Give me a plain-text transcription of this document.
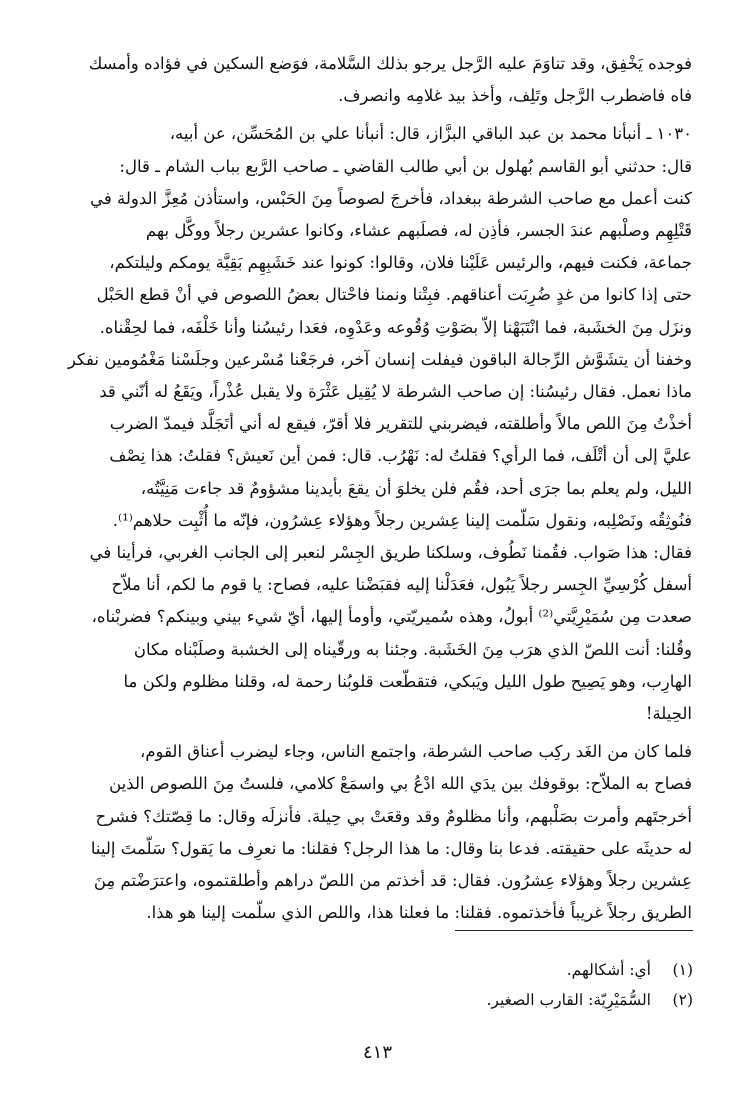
فوجده يَخْفِق، وقد تناوَمَ عليه الرَّجل يرجو بذلك السَّلامة، فوَضع السكين في فؤاده وأمسك
فاه فاضطرب الرَّجل وتَلِف، وأخذ بيد غلامِه وانصرف.
١٠٣٠ ـ أنبأنا محمد بن عبد الباقي البزَّاز، قال: أنبأنا علي بن المُحَسِّن، عن أبيه،
قال: حدثني أبو القاسم بُهلول بن أبي طالب القاضي ـ صاحب الرَّبع بباب الشام ـ قال:
كنت أعمل مع صاحب الشرطة ببغداد، فأخرجَ لصوصاً مِنَ الحَبْس، واستأذن مُعِزَّ الدولة في
قَتْلِهِم وصلْبهم عندَ الجسر، فأذِن له، فصلَبهم عشاء، وكانوا عشرين رجلاً ووكَّل بهم
جماعة، فكنت فيهم، والرئيس عَلَيْنا فلان، وقالوا: كونوا عند خَشَبِهِم بَقِيَّة يومكم وليلتكم،
حتى إذا كانوا من غدٍ ضُرِبَت أعناقهم. فبِتْنا ونمنا فاحْتال بعضُ اللصوص في أنْ قطع الحَبْل
ونزَل مِنَ الخشَبة، فما انْتَبَهْنا إلاّ بصَوْتِ وُقُوعه وعَدْوِه، فعَدا رئيسُنا وأنا خَلْفَه، فما لحِقْناه.
وخفنا أن يتشَوَّش الرِّجالة الباقون فيفلت إنسان آخر، فرجَعْنا مُسْرعين وجلَسْنا مَغْمُومين نفكر
ماذا نعمل. فقال رئيسُنا: إن صاحب الشرطة لا يُقِيل عَثْرَة ولا يقبل عُذْراً، ويَقَعُ له أنّني قد
أخذْتُ مِنَ اللص مالاً وأطلقته، فيضربني للتقرير فلا أقرّ، فيقع له أني أتَجَلَّد فيمدّ الضرب
عليَّ إلى أن أتْلَف، فما الرأي؟ فقلتُ له: نَهْرُب. قال: فمن أين نَعيش؟ فقلتُ: هذا نِصْف
الليل، ولم يعلم بما جرَى أحد، فقُم فلن يخلوَ أن يقعَ بأيدينا مشؤومٌ قد جاءت مَنِيَّتُه،
فنُوثِقُه ونَصْلِبه، ونقول سَلّمت إلينا عِشرين رجلاً وهؤلاء عِشرُون، فإنّه ما أُثْبِت حلاهم⁽¹⁾.
فقال: هذا صَواب. فقُمنا نَطُوف، وسلكنا طريق الجِسْر لنعبر إلى الجانب الغربي، فرأينا في
أسفل كُرْسِيِّ الجِسر رجلاً يَبُول، فعَدَلْنا إليه فقبَضْنا عليه، فصاح: يا قوم ما لكم، أنا ملاّح
صعدت مِن سُمَيْرِيَّتي⁽²⁾ أبولُ، وهذه سُميريّتي، وأومأ إليها، أيّ شيء بيني وبينكم؟ فضربْناه،
وقُلنا: أنت اللصّ الذي هرَب مِنَ الخَشَبة. وجئنا به ورقّيناه إلى الخشبة وصلَبْناه مكان
الهارِب، وهو يَصِيح طول الليل ويَبكي، فتقطّعت قلوبُنا رحمة له، وقلنا مظلوم ولكن ما
الحِيلة!
فلما كان من الغَد ركِب صاحب الشرطة، واجتمع الناس، وجاء ليضرب أعناق القوم،
فصاح به الملاّح: بوقوفك بين يدَي الله ادْعُ بي واسمَعْ كلامي، فلستُ مِنَ اللصوص الذين
أخرجتَهم وأمرت بصَلْبهم، وأنا مظلومٌ وقد وقعَتْ بي حِيلة. فأنزلَه وقال: ما قِصّتك؟ فشرح
له حديثَه على حقيقته. فدعا بنا وقال: ما هذا الرجل؟ فقلنا: ما نعرِف ما يَقول؟ سَلّمتَ إلينا
عِشرين رجلاً وهؤلاء عِشرُون. فقال: قد أخذتم من اللصّ دراهم وأطلقتموه، واعترَضْتم مِنَ
الطريق رجلاً غريباً فأخذتموه. فقلنا: ما فعلنا هذا، واللص الذي سلّمت إلينا هو هذا.
(١)
أي: أشكالهم.
(٢)
السُّمَيْرِيّة: القارب الصغير.
٤١٣
